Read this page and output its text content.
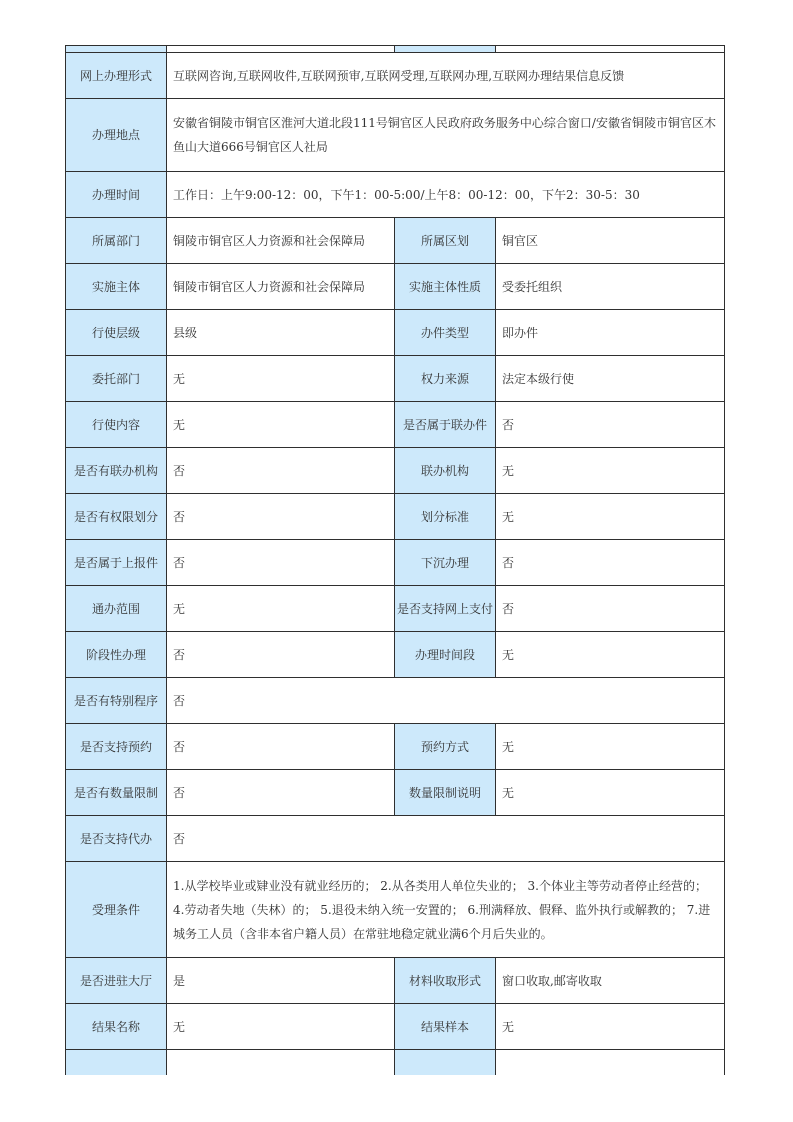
网上办理形式	互联网咨询,互联网收件,互联网预审,互联网受理,互联网办理,互联网办理结果信息反馈		
办理地点	安徽省铜陵市铜官区淮河大道北段111号铜官区人民政府政务服务中心综合窗口/安徽省铜陵市铜官区木鱼山大道666号铜官区人社局		
办理时间	工作日：上午9:00-12：00，下午1：00-5:00/上午8：00-12：00，下午2：30-5：30		
所属部门	铜陵市铜官区人力资源和社会保障局	所属区划	铜官区
实施主体	铜陵市铜官区人力资源和社会保障局	实施主体性质	受委托组织
行使层级	县级	办件类型	即办件
委托部门	无	权力来源	法定本级行使
行使内容	无	是否属于联办件	否
是否有联办机构	否	联办机构	无
是否有权限划分	否	划分标准	无
是否属于上报件	否	下沉办理	否
通办范围	无	是否支持网上支付	否
阶段性办理	否	办理时间段	无
是否有特别程序	否		
是否支持预约	否	预约方式	无
是否有数量限制	否	数量限制说明	无
是否支持代办	否		
受理条件	1.从学校毕业或肄业没有就业经历的； 2.从各类用人单位失业的； 3.个体业主等劳动者停止经营的； 4.劳动者失地（失林）的； 5.退役未纳入统一安置的； 6.刑满释放、假释、监外执行或解教的； 7.进城务工人员（含非本省户籍人员）在常驻地稳定就业满6个月后失业的。		
是否进驻大厅	是	材料收取形式	窗口收取,邮寄收取
结果名称	无	结果样本	无
